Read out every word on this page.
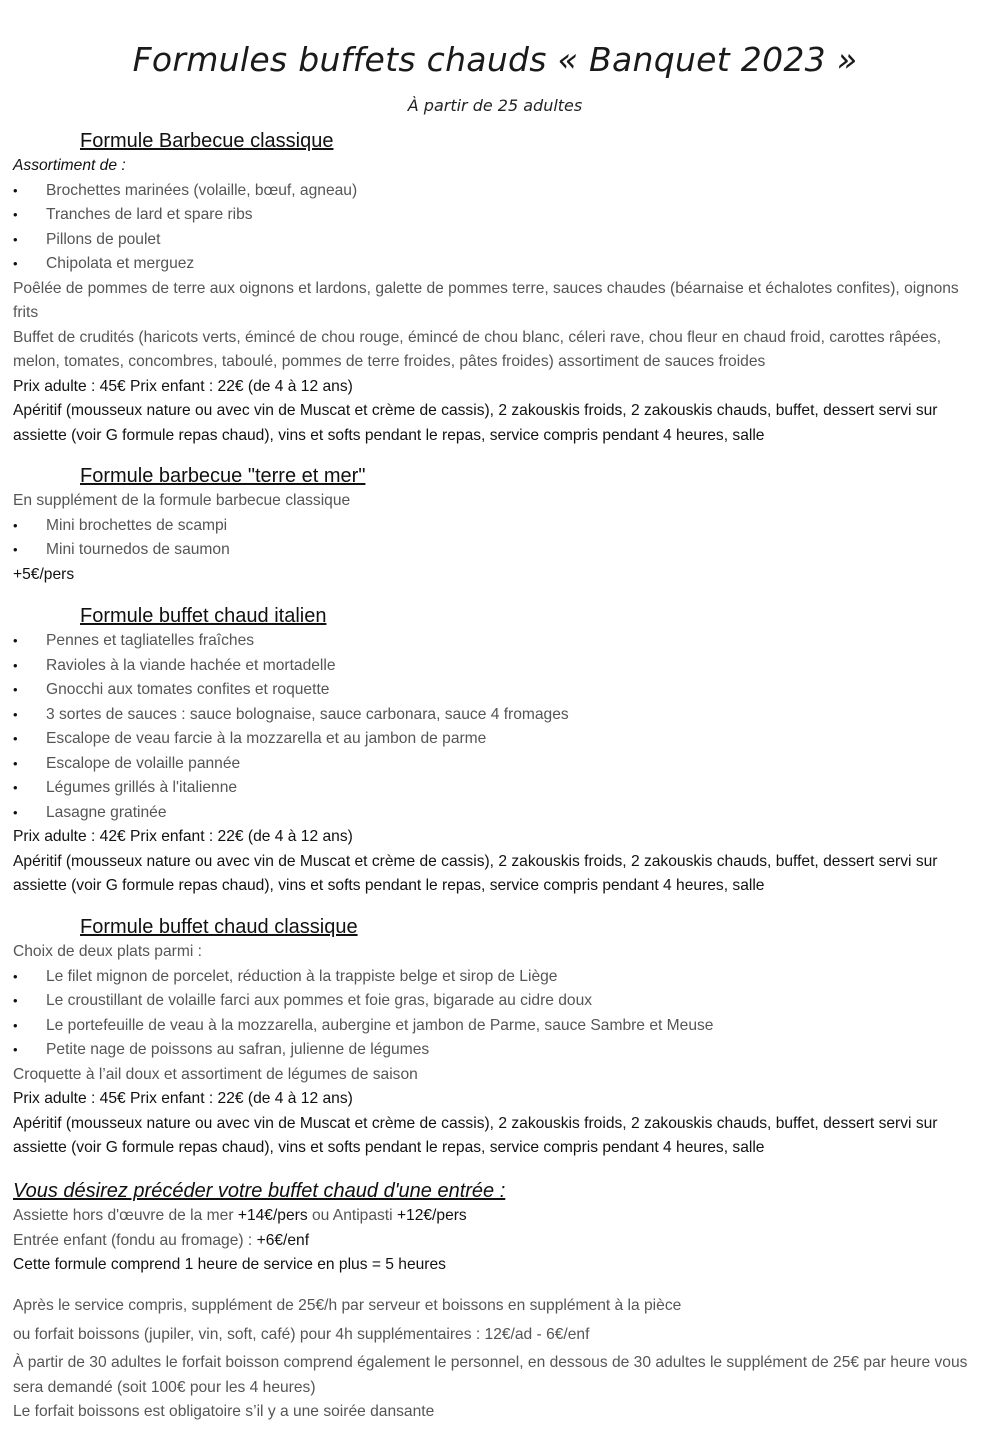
Formules buffets chauds « Banquet 2023 »

À partir de 25 adultes

Formule Barbecue classique

Assortiment de :

• Brochettes marinées (volaille, bœuf, agneau)
• Tranches de lard et spare ribs
• Pillons de poulet
• Chipolata et merguez

Poêlée de pommes de terre aux oignons et lardons, galette de pommes terre, sauces chaudes (béarnaise et échalotes confites), oignons frits

Buffet de crudités (haricots verts, émincé de chou rouge, émincé de chou blanc, céleri rave, chou fleur en chaud froid, carottes râpées, melon, tomates, concombres, taboulé, pommes de terre froides, pâtes froides) assortiment de sauces froides

Prix adulte : 45€ Prix enfant : 22€ (de 4 à 12 ans)

Apéritif (mousseux nature ou avec vin de Muscat et crème de cassis), 2 zakouskis froids, 2 zakouskis chauds, buffet, dessert servi sur assiette (voir G formule repas chaud), vins et softs pendant le repas, service compris pendant 4 heures, salle

Formule barbecue "terre et mer"

En supplément de la formule barbecue classique

• Mini brochettes de scampi
• Mini tournedos de saumon

+5€/pers

Formule buffet chaud italien
• Pennes et tagliatelles fraîches
• Ravioles à la viande hachée et mortadelle
• Gnocchi aux tomates confites et roquette
• 3 sortes de sauces : sauce bolognaise, sauce carbonara, sauce 4 fromages
• Escalope de veau farcie à la mozzarella et au jambon de parme
• Escalope de volaille pannée
• Légumes grillés à l'italienne
• Lasagne gratinée

Prix adulte : 42€ Prix enfant : 22€ (de 4 à 12 ans)

Apéritif (mousseux nature ou avec vin de Muscat et crème de cassis), 2 zakouskis froids, 2 zakouskis chauds, buffet, dessert servi sur assiette (voir G formule repas chaud), vins et softs pendant le repas, service compris pendant 4 heures, salle

Formule buffet chaud classique

Choix de deux plats parmi :

• Le filet mignon de porcelet, réduction à la trappiste belge et sirop de Liège
• Le croustillant de volaille farci aux pommes et foie gras, bigarade au cidre doux
• Le portefeuille de veau à la mozzarella, aubergine et jambon de Parme, sauce Sambre et Meuse
• Petite nage de poissons au safran, julienne de légumes

Croquette à l’ail doux et assortiment de légumes de saison

Prix adulte : 45€ Prix enfant : 22€ (de 4 à 12 ans)

Apéritif (mousseux nature ou avec vin de Muscat et crème de cassis), 2 zakouskis froids, 2 zakouskis chauds, buffet, dessert servi sur assiette (voir G formule repas chaud), vins et softs pendant le repas, service compris pendant 4 heures, salle

Vous désirez précéder votre buffet chaud d'une entrée :

Assiette hors d'œuvre de la mer +14€/pers ou Antipasti +12€/pers

Entrée enfant (fondu au fromage) : +6€/enf

Cette formule comprend 1 heure de service en plus = 5 heures

Après le service compris, supplément de 25€/h par serveur et boissons en supplément à la pièce

ou forfait boissons (jupiler, vin, soft, café) pour 4h supplémentaires : 12€/ad - 6€/enf

À partir de 30 adultes le forfait boisson comprend également le personnel, en dessous de 30 adultes le supplément de 25€ par heure vous sera demandé (soit 100€ pour les 4 heures)

Le forfait boissons est obligatoire s’il y a une soirée dansante
